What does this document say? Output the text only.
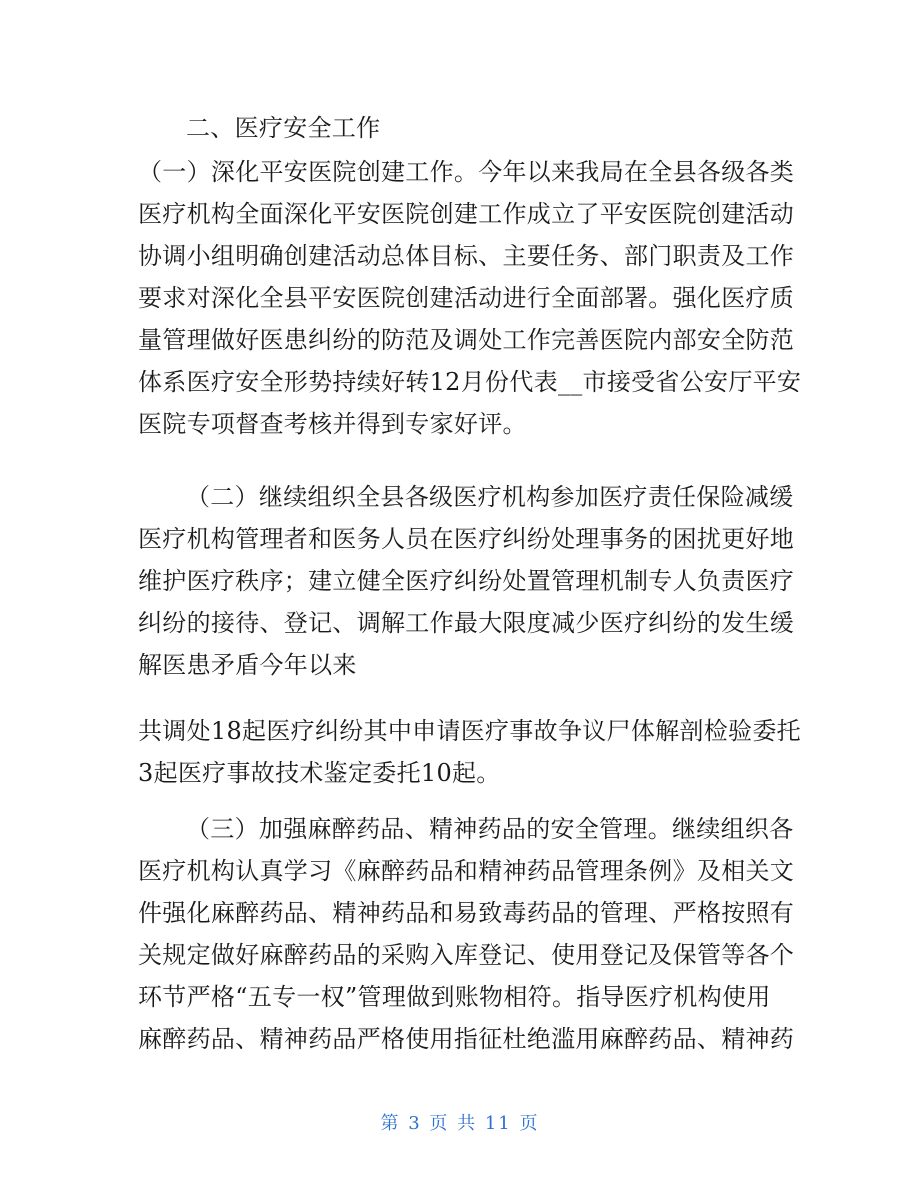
二、医疗安全工作
（一）深化平安医院创建工作。今年以来我局在全县各级各类
医疗机构全面深化平安医院创建工作成立了平安医院创建活动
协调小组明确创建活动总体目标、主要任务、部门职责及工作
要求对深化全县平安医院创建活动进行全面部署。强化医疗质
量管理做好医患纠纷的防范及调处工作完善医院内部安全防范
体系医疗安全形势持续好转12月份代表__市接受省公安厅平安
医院专项督查考核并得到专家好评。
（二）继续组织全县各级医疗机构参加医疗责任保险减缓
医疗机构管理者和医务人员在医疗纠纷处理事务的困扰更好地
维护医疗秩序；建立健全医疗纠纷处置管理机制专人负责医疗
纠纷的接待、登记、调解工作最大限度减少医疗纠纷的发生缓
解医患矛盾今年以来
共调处18起医疗纠纷其中申请医疗事故争议尸体解剖检验委托
3起医疗事故技术鉴定委托10起。
（三）加强麻醉药品、精神药品的安全管理。继续组织各
医疗机构认真学习《麻醉药品和精神药品管理条例》及相关文
件强化麻醉药品、精神药品和易致毒药品的管理、严格按照有
关规定做好麻醉药品的采购入库登记、使用登记及保管等各个
环节严格“五专一权”管理做到账物相符。指导医疗机构使用
麻醉药品、精神药品严格使用指征杜绝滥用麻醉药品、精神药
第 3 页 共 11 页
